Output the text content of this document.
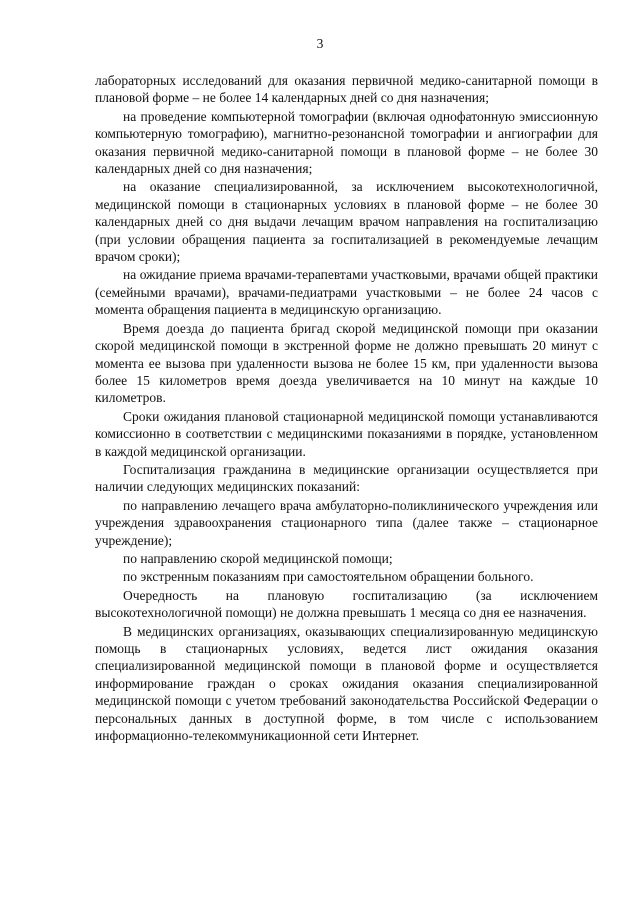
3

лабораторных исследований для оказания первичной медико-санитарной помощи в плановой форме – не более 14 календарных дней со дня назначения;

на проведение компьютерной томографии (включая однофатонную эмиссионную компьютерную томографию), магнитно-резонансной томографии и ангиографии для оказания первичной медико-санитарной помощи в плановой форме – не более 30 календарных дней со дня назначения;

на оказание специализированной, за исключением высокотехнологичной, медицинской помощи в стационарных условиях в плановой форме – не более 30 календарных дней со дня выдачи лечащим врачом направления на госпитализацию (при условии обращения пациента за госпитализацией в рекомендуемые лечащим врачом сроки);

на ожидание приема врачами-терапевтами участковыми, врачами общей практики (семейными врачами), врачами-педиатрами участковыми – не более 24 часов с момента обращения пациента в медицинскую организацию.

Время доезда до пациента бригад скорой медицинской помощи при оказании скорой медицинской помощи в экстренной форме не должно превышать 20 минут с момента ее вызова при удаленности вызова не более 15 км, при удаленности вызова более 15 километров время доезда увеличивается на 10 минут на каждые 10 километров.

Сроки ожидания плановой стационарной медицинской помощи устанавливаются комиссионно в соответствии с медицинскими показаниями в порядке, установленном в каждой медицинской организации.

Госпитализация гражданина в медицинские организации осуществляется при наличии следующих медицинских показаний:

по направлению лечащего врача амбулаторно-поликлинического учреждения или учреждения здравоохранения стационарного типа (далее также – стационарное учреждение);

по направлению скорой медицинской помощи;

по экстренным показаниям при самостоятельном обращении больного.

Очередность на плановую госпитализацию (за исключением высокотехнологичной помощи) не должна превышать 1 месяца со дня ее назначения.

В медицинских организациях, оказывающих специализированную медицинскую помощь в стационарных условиях, ведется лист ожидания оказания специализированной медицинской помощи в плановой форме и осуществляется информирование граждан о сроках ожидания оказания специализированной медицинской помощи с учетом требований законодательства Российской Федерации о персональных данных в доступной форме, в том числе с использованием информационно-телекоммуникационной сети Интернет.
